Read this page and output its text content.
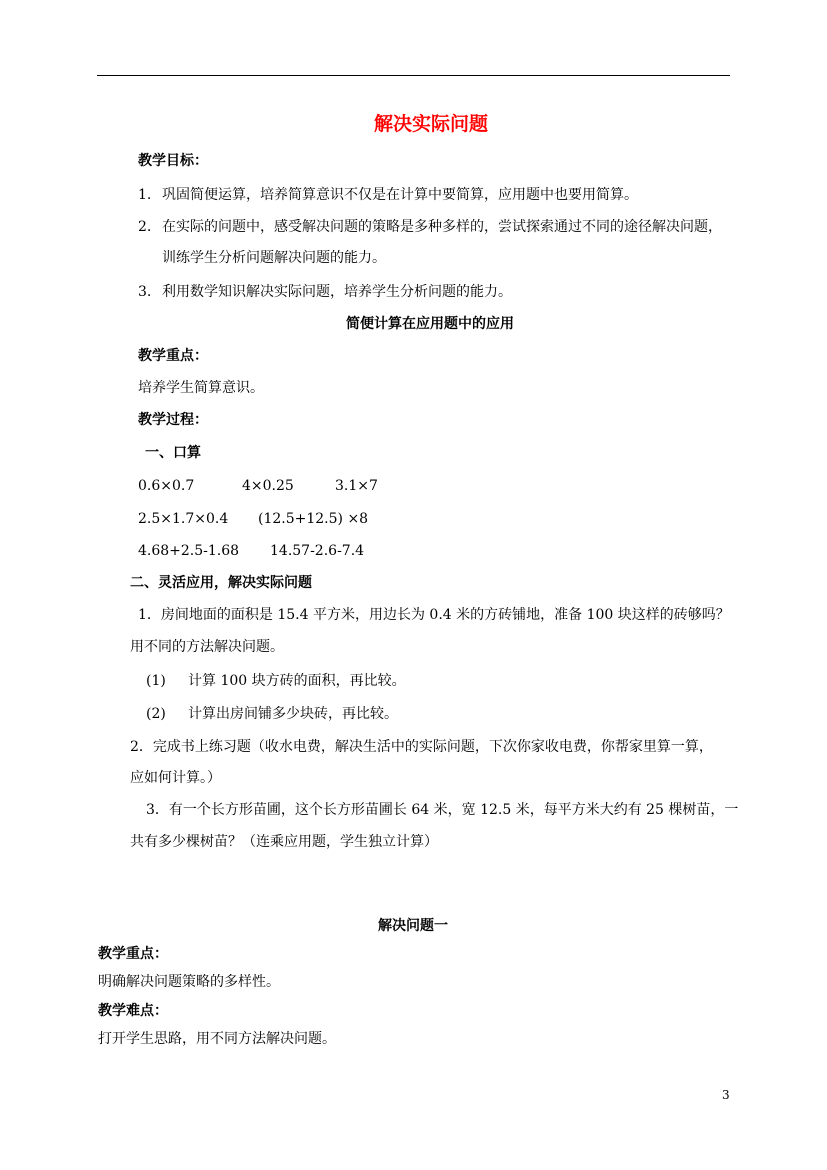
解决实际问题
教学目标：
1. 巩固简便运算，培养简算意识不仅是在计算中要简算，应用题中也要用简算。
2. 在实际的问题中，感受解决问题的策略是多种多样的，尝试探索通过不同的途径解决问题，
训练学生分析问题解决问题的能力。
3. 利用数学知识解决实际问题，培养学生分析问题的能力。
简便计算在应用题中的应用
教学重点：
培养学生简算意识。
教学过程：
一、口算
0.6×0.7	4×0.25	3.1×7
2.5×1.7×0.4 (12.5+12.5) ×8
4.68+2.5-1.68 14.57-2.6-7.4
二、灵活应用，解决实际问题
1．房间地面的面积是 15.4 平方米，用边长为 0.4 米的方砖铺地，准备 100 块这样的砖够吗？
用不同的方法解决问题。
(1) 计算 100 块方砖的面积，再比较。
(2) 计算出房间铺多少块砖，再比较。
2．完成书上练习题（收水电费，解决生活中的实际问题，下次你家收电费，你帮家里算一算，
应如何计算。）
3．有一个长方形苗圃，这个长方形苗圃长 64 米，宽 12.5 米，每平方米大约有 25 棵树苗，一
共有多少棵树苗？（连乘应用题，学生独立计算）
解决问题一
教学重点：
明确解决问题策略的多样性。
教学难点：
打开学生思路，用不同方法解决问题。
3
